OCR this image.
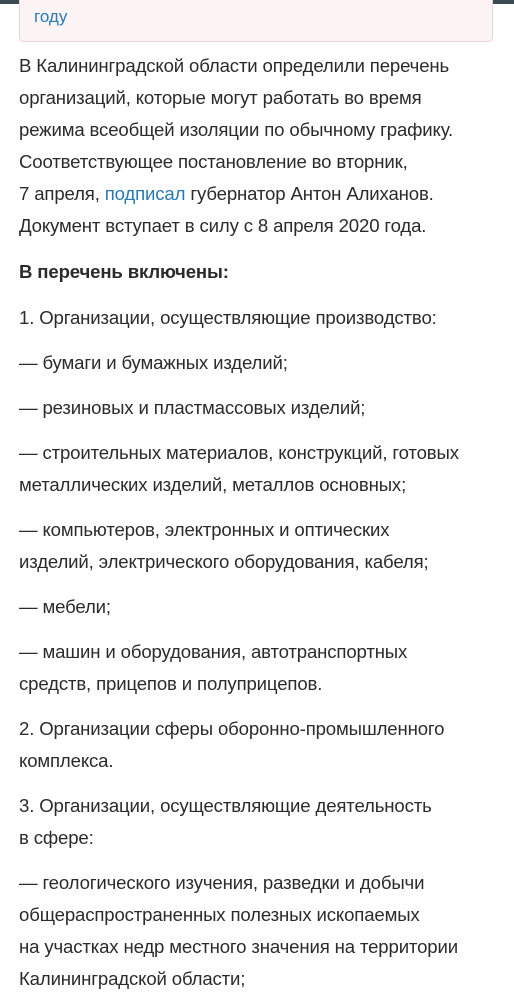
году

В Калининградской области определили перечень
организаций, которые могут работать во время
режима всеобщей изоляции по обычному графику.
Соответствующее постановление во вторник,
7 апреля, подписал губернатор Антон Алиханов.
Документ вступает в силу с 8 апреля 2020 года.

В перечень включены:

1. Организации, осуществляющие производство:

— бумаги и бумажных изделий;

— резиновых и пластмассовых изделий;

— строительных материалов, конструкций, готовых
металлических изделий, металлов основных;

— компьютеров, электронных и оптических
изделий, электрического оборудования, кабеля;

— мебели;

— машин и оборудования, автотранспортных
средств, прицепов и полуприцепов.

2. Организации сферы оборонно-промышленного
комплекса.

3. Организации, осуществляющие деятельность
в сфере:

— геологического изучения, разведки и добычи
общераспространенных полезных ископаемых
на участках недр местного значения на территории
Калининградской области;
